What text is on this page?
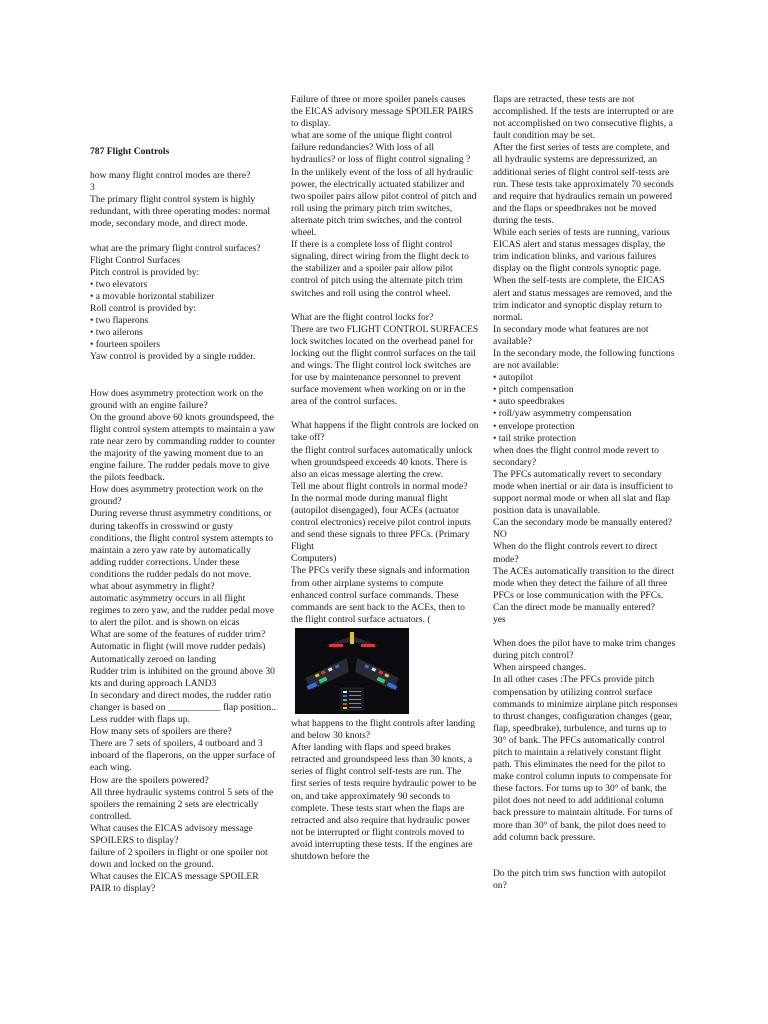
787 Flight Controls

how many flight control modes are there?

3

The primary flight control system is highly redundant, with three operating modes: normal mode, secondary mode, and direct mode.

what are the primary flight control surfaces?

Flight Control Surfaces

Pitch control is provided by:

• two elevators

• a movable horizontal stabilizer

Roll control is provided by:

• two flaperons

• two ailerons

• fourteen spoilers

Yaw control is provided by a single rudder.

How does asymmetry protection work on the ground with an engine failure?

On the ground above 60 knots groundspeed, the flight control system attempts to maintain a yaw rate near zero by commanding rudder to counter the majority of the yawing moment due to an engine failure. The rudder pedals move to give the pilots feedback.

How does asymmetry protection work on the ground?

During reverse thrust asymmetry conditions, or during takeoffs in crosswind or gusty conditions, the flight control system attempts to maintain a zero yaw rate by automatically adding rudder corrections. Under these conditions the rudder pedals do not move.

what about asymmetry in flight?

automatic asymmetry occurs in all flight regimes to zero yaw, and the rudder pedal move to alert the pilot. and is shown on eicas

What are some of the features of rudder trim?

Automatic in flight (will move rudder pedals)

Automatically zeroed on landing

Rudder trim is inhibited on the ground above 30 kts and during approach LAND3

In secondary and direct modes, the rudder ratio changer is based on ___________ flap position.. Less rudder with flaps up.

How many sets of spoilers are there?

There are 7 sets of spoilers, 4 outboard and 3 inboard of the flaperons, on the upper surface of each wing.

How are the spoilers powered?

All three hydraulic systems control 5 sets of the spoilers the remaining 2 sets are electrically controlled.

What causes the EICAS advisory message SPOILERS to display?

failure of 2 spoilers in flight or one spoiler not down and locked on the ground.

What causes the EICAS message SPOILER PAIR to display?

Failure of three or more spoiler panels causes the EICAS advisory message SPOILER PAIRS to display.

what are some of the unique flight control failure redundancies? With loss of all hydraulics? or loss of flight control signaling ?

In the unlikely event of the loss of all hydraulic power, the electrically actuated stabilizer and two spoiler pairs allow pilot control of pitch and roll using the primary pitch trim switches, alternate pitch trim switches, and the control wheel.

If there is a complete loss of flight control signaling, direct wiring from the flight deck to the stabilizer and a spoiler pair allow pilot control of pitch using the alternate pitch trim switches and roll using the control wheel.

What are the flight control locks for?

There are two FLIGHT CONTROL SURFACES lock switches located on the overhead panel for locking out the flight control surfaces on the tail and wings. The flight control lock switches are for use by maintenance personnel to prevent surface movement when working on or in the area of the control surfaces.

What happens if the flight controls are locked on take off?

the flight control surfaces automatically unlock when groundspeed exceeds 40 knots. There is also an eicas message alerting the crew.

Tell me about flight controls in normal mode?

In the normal mode during manual flight (autopilot disengaged), four ACEs (actuator control electronics) receive pilot control inputs and send these signals to three PFCs. (Primary Flight

Computers)

The PFCs verify these signals and information from other airplane systems to compute enhanced control surface commands. These commands are sent back to the ACEs, then to the flight control surface actuators. (

what happens to the flight controls after landing and below 30 knots?

After landing with flaps and speed brakes retracted and groundspeed less than 30 knots, a series of flight control self-tests are run. The first series of tests require hydraulic power to be on, and take approximately 90 seconds to complete. These tests start when the flaps are retracted and also require that hydraulic power not be interrupted or flight controls moved to avoid interrupting these tests. If the engines are shutdown before the

flaps are retracted, these tests are not accomplished. If the tests are interrupted or are not accomplished on two consecutive flights, a fault condition may be set.

After the first series of tests are complete, and all hydraulic systems are depressurized, an additional series of flight control self-tests are run. These tests take approximately 70 seconds and require that hydraulics remain un powered and the flaps or speedbrakes not be moved during the tests.

While each series of tests are running, various EICAS alert and status messages display, the trim indication blinks, and various failures display on the flight controls synoptic page. When the self-tests are complete, the EICAS alert and status messages are removed, and the trim indicator and synoptic display return to normal.

In secondary mode what features are not available?

In the secondary mode, the following functions are not available:

• autopilot

• pitch compensation

• auto speedbrakes

• roll/yaw asymmetry compensation

• envelope protection

• tail strike protection

when does the flight control mode revert to secondary?

The PFCs automatically revert to secondary mode when inertial or air data is insufficient to support normal mode or when all slat and flap position data is unavailable.

Can the secondary mode be manually entered?

NO

When do the flight controls revert to direct mode?

The ACEs automatically transition to the direct mode when they detect the failure of all three PFCs or lose communication with the PFCs.

Can the direct mode be manually entered?

yes

When does the pilot have to make trim changes during pitch control?

When airspeed changes.

In all other cases :The PFCs provide pitch compensation by utilizing control surface commands to minimize airplane pitch responses to thrust changes, configuration changes (gear, flap, speedbrake), turbulence, and turns up to 30° of bank. The PFCs automatically control pitch to maintain a relatively constant flight path. This eliminates the need for the pilot to make control column inputs to compensate for these factors. For turns up to 30° of bank, the pilot does not need to add additional column back pressure to maintain altitude. For turns of more than 30° of bank, the pilot does need to add column back pressure.

Do the pitch trim sws function with autopilot on?
